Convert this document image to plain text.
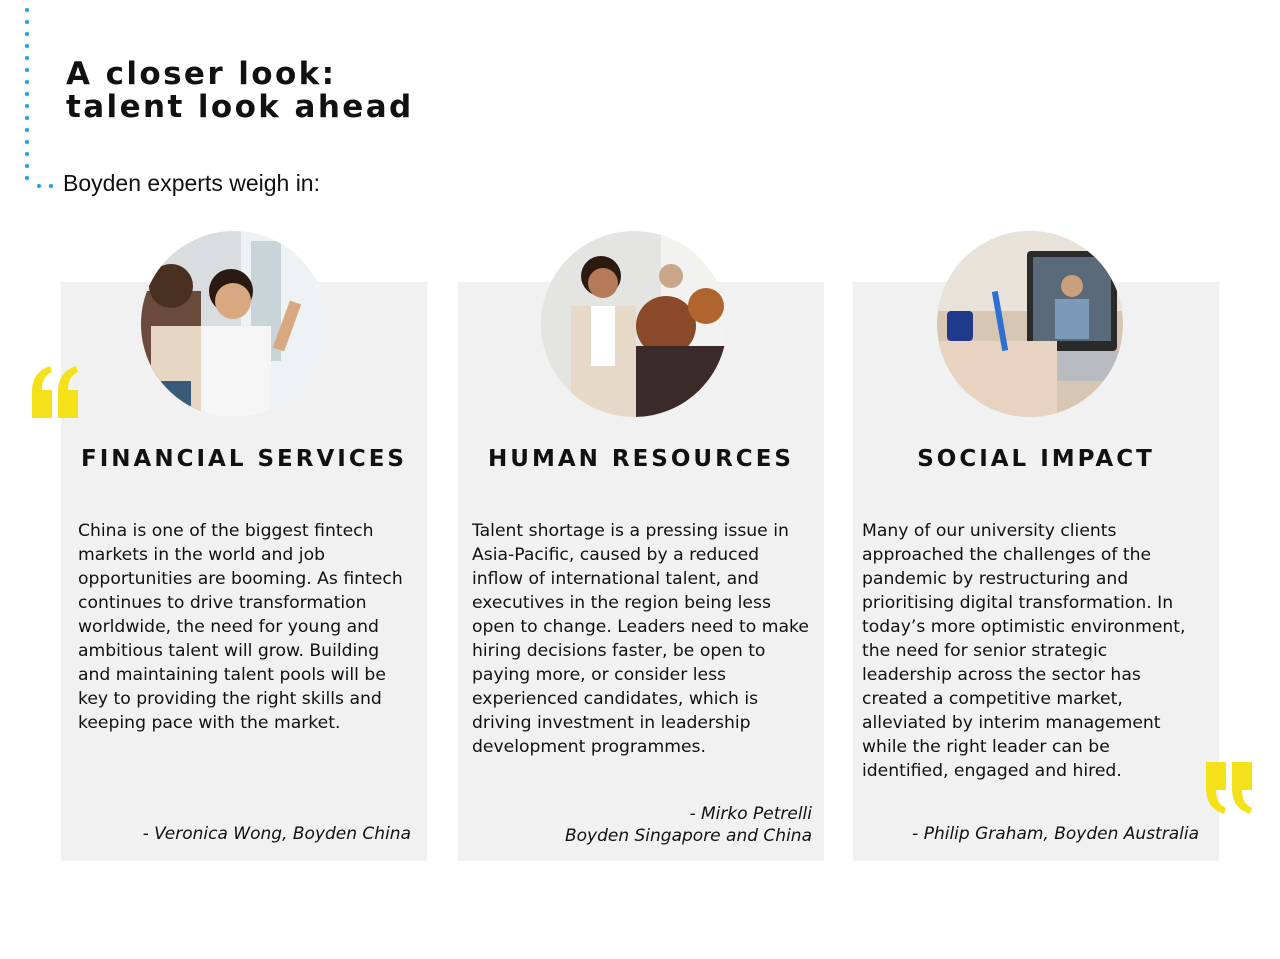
A closer look:
talent look ahead
Boyden experts weigh in:
FINANCIAL SERVICES	HUMAN RESOURCES	SOCIAL IMPACT
China is one of the biggest fintech
markets in the world and job
opportunities are booming. As fintech
continues to drive transformation
worldwide, the need for young and
ambitious talent will grow. Building
and maintaining talent pools will be
key to providing the right skills and
keeping pace with the market.
Talent shortage is a pressing issue in
Asia-Pacific, caused by a reduced
inflow of international talent, and
executives in the region being less
open to change. Leaders need to make
hiring decisions faster, be open to
paying more, or consider less
experienced candidates, which is
driving investment in leadership
development programmes.
Many of our university clients
approached the challenges of the
pandemic by restructuring and
prioritising digital transformation. In
today’s more optimistic environment,
the need for senior strategic
leadership across the sector has
created a competitive market,
alleviated by interim management
while the right leader can be
identified, engaged and hired.
- Veronica Wong, Boyden China
- Mirko Petrelli
Boyden Singapore and China	- Philip Graham, Boyden Australia
